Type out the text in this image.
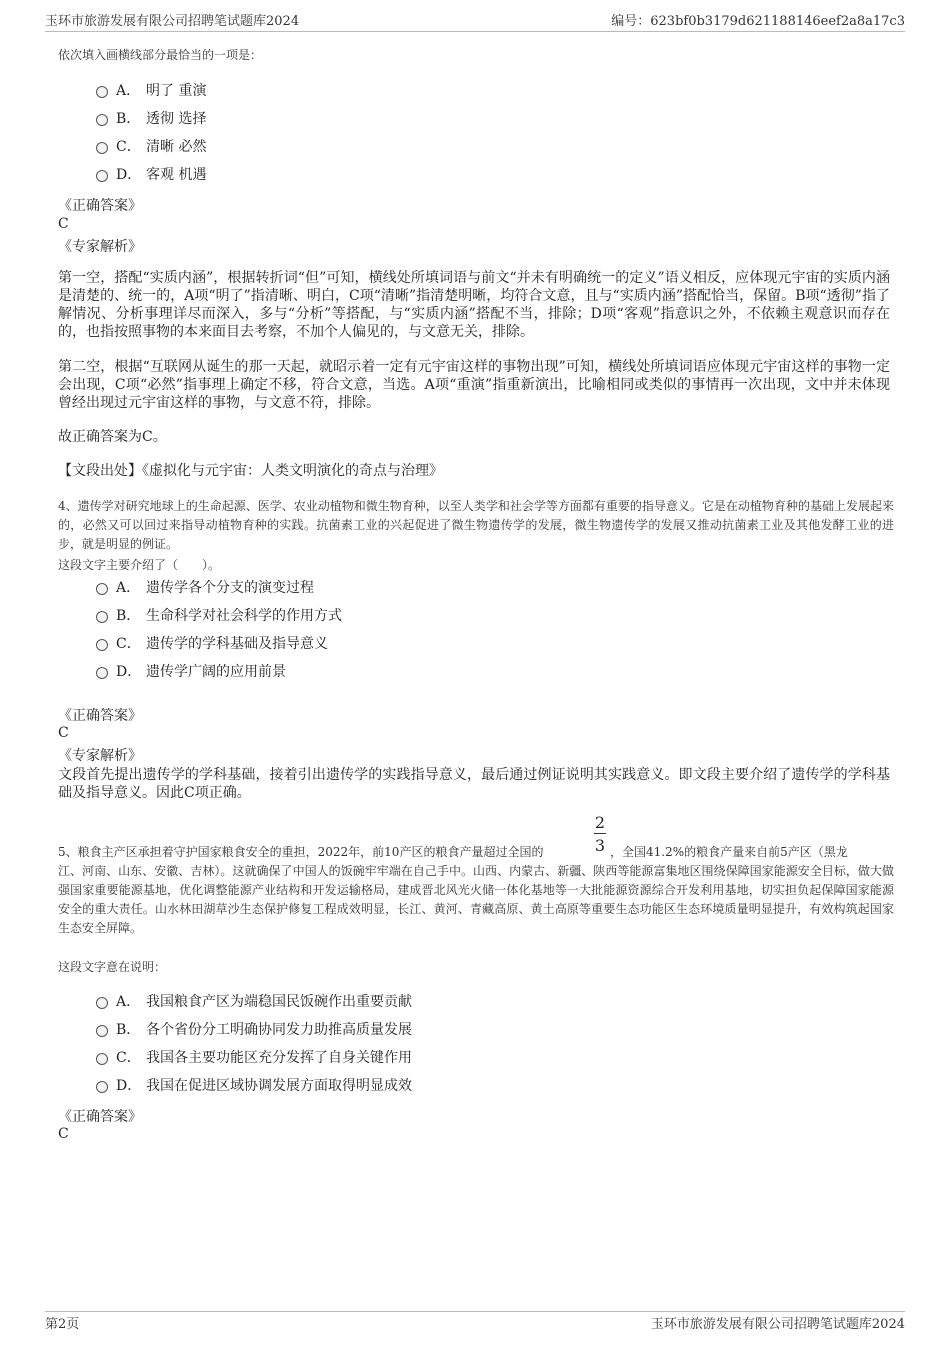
玉环市旅游发展有限公司招聘笔试题库2024	编号：623bf0b3179d621188146eef2a8a17c3
依次填入画横线部分最恰当的一项是：
A． 明了 重演
B． 透彻 选择
C． 清晰 必然
D． 客观 机遇
《正确答案》
C
《专家解析》
第一空，搭配“实质内涵”，根据转折词“但”可知，横线处所填词语与前文“并未有明确统一的定义”语义相反，应体现元宇宙的实质内涵是清楚的、统一的，A项“明了”指清晰、明白，C项“清晰”指清楚明晰，均符合文意，且与“实质内涵”搭配恰当，保留。B项“透彻”指了解情况、分析事理详尽而深入，多与“分析”等搭配，与“实质内涵”搭配不当，排除；D项“客观”指意识之外，不依赖主观意识而存在的，也指按照事物的本来面目去考察，不加个人偏见的，与文意无关，排除。
第二空，根据“互联网从诞生的那一天起，就昭示着一定有元宇宙这样的事物出现”可知，横线处所填词语应体现元宇宙这样的事物一定会出现，C项“必然”指事理上确定不移，符合文意，当选。A项“重演”指重新演出，比喻相同或类似的事情再一次出现，文中并未体现曾经出现过元宇宙这样的事物，与文意不符，排除。
故正确答案为C。
【文段出处】《虚拟化与元宇宙：人类文明演化的奇点与治理》
4、遗传学对研究地球上的生命起源、医学、农业动植物和微生物育种，以至人类学和社会学等方面都有重要的指导意义。它是在动植物育种的基础上发展起来的，必然又可以回过来指导动植物育种的实践。抗菌素工业的兴起促进了微生物遗传学的发展，微生物遗传学的发展又推动抗菌素工业及其他发酵工业的进步，就是明显的例证。
这段文字主要介绍了（　　）。
A． 遗传学各个分支的演变过程
B． 生命科学对社会科学的作用方式
C． 遗传学的学科基础及指导意义
D． 遗传学广阔的应用前景
《正确答案》
C
《专家解析》
文段首先提出遗传学的学科基础，接着引出遗传学的实践指导意义，最后通过例证说明其实践意义。即文段主要介绍了遗传学的学科基础及指导意义。因此C项正确。
2
3
5、粮食主产区承担着守护国家粮食安全的重担，2022年，前10产区的粮食产量超过全国的	，全国41.2%的粮食产量来自前5产区（黑龙
江、河南、山东、安徽、吉林）。这就确保了中国人的饭碗牢牢端在自己手中。山西、内蒙古、新疆、陕西等能源富集地区围绕保障国家能源安全目标，做大做强国家重要能源基地，优化调整能源产业结构和开发运输格局，建成晋北风光火储一体化基地等一大批能源资源综合开发利用基地，切实担负起保障国家能源安全的重大责任。山水林田湖草沙生态保护修复工程成效明显，长江、黄河、青藏高原、黄土高原等重要生态功能区生态环境质量明显提升，有效构筑起国家生态安全屏障。
这段文字意在说明：
A． 我国粮食产区为端稳国民饭碗作出重要贡献
B． 各个省份分工明确协同发力助推高质量发展
C． 我国各主要功能区充分发挥了自身关键作用
D． 我国在促进区域协调发展方面取得明显成效
《正确答案》
C
第2页	玉环市旅游发展有限公司招聘笔试题库2024
